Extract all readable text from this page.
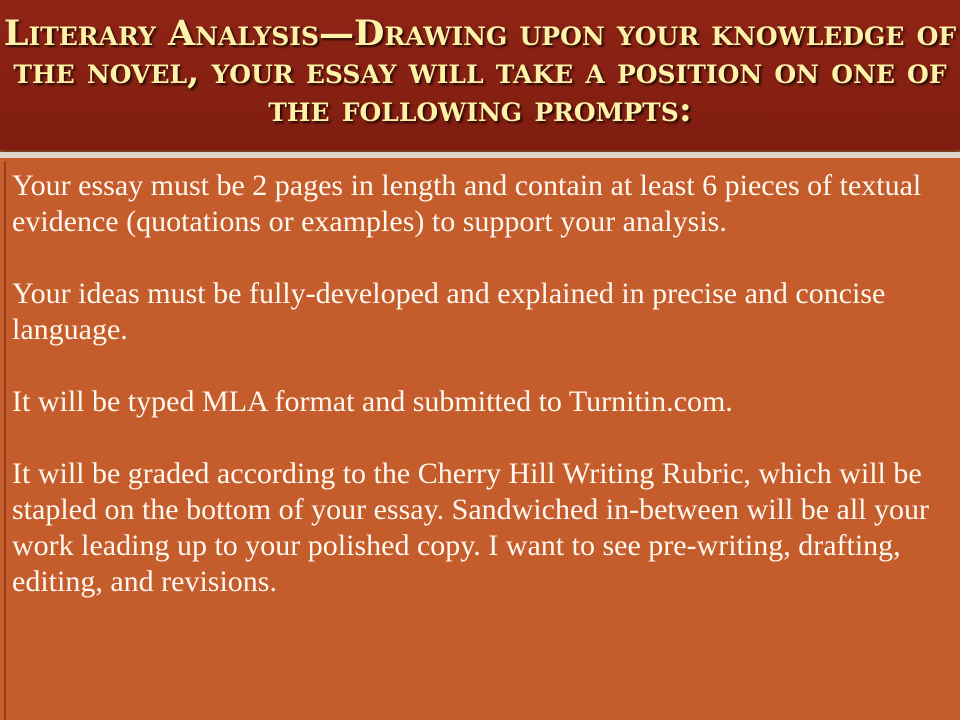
Literary Analysis—Drawing upon your knowledge of the novel, your essay will take a position on one of the following prompts:

Your essay must be 2 pages in length and contain at least 6 pieces of textual evidence (quotations or examples) to support your analysis.

Your ideas must be fully-developed and explained in precise and concise language.

It will be typed MLA format and submitted to Turnitin.com.

It will be graded according to the Cherry Hill Writing Rubric, which will be stapled on the bottom of your essay. Sandwiched in-between will be all your work leading up to your polished copy. I want to see pre-writing, drafting, editing, and revisions.
